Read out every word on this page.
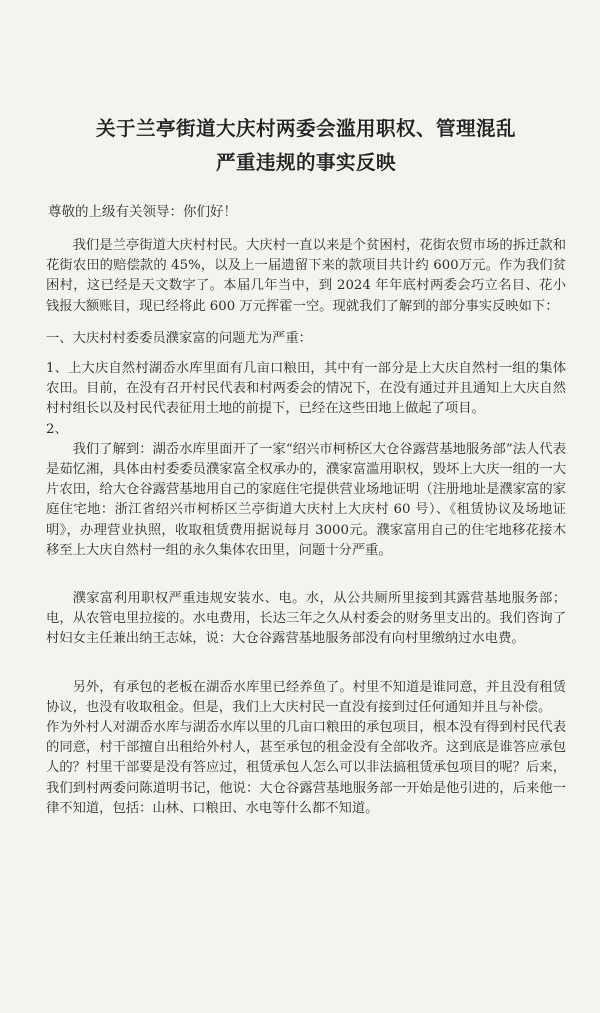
关于兰亭街道大庆村两委会滥用职权、管理混乱
严重违规的事实反映
尊敬的上级有关领导：你们好！

我们是兰亭街道大庆村村民。大庆村一直以来是个贫困村，花街农贸市场的拆迁款和花街农田的赔偿款的 45%，以及上一届遗留下来的款项目共计约 600万元。作为我们贫困村，这已经是天文数字了。本届几年当中，到 2024 年年底村两委会巧立名目、花小钱报大额账目，现已经将此 600 万元挥霍一空。现就我们了解到的部分事实反映如下：

一、大庆村村委委员濮家富的问题尤为严重：

1、上大庆自然村湖岙水库里面有几亩口粮田，其中有一部分是上大庆自然村一组的集体农田。目前，在没有召开村民代表和村两委会的情况下，在没有通过并且通知上大庆自然村村组长以及村民代表征用土地的前提下，已经在这些田地上做起了项目。

2、

我们了解到：湖岙水库里面开了一家“绍兴市柯桥区大仓谷露营基地服务部”法人代表是茹忆湘，具体由村委委员濮家富全权承办的，濮家富滥用职权，毁坏上大庆一组的一大片农田，给大仓谷露营基地用自己的家庭住宅提供营业场地证明（注册地址是濮家富的家庭住宅地：浙江省绍兴市柯桥区兰亭街道大庆村上大庆村 60 号）、《租赁协议及场地证明》，办理营业执照，收取租赁费用据说每月 3000元。濮家富用自己的住宅地移花接木移至上大庆自然村一组的永久集体农田里，问题十分严重。

濮家富利用职权严重违规安装水、电。水，从公共厕所里接到其露营基地服务部；电，从农管电里拉接的。水电费用，长达三年之久从村委会的财务里支出的。我们咨询了村妇女主任兼出纳王志妹，说：大仓谷露营基地服务部没有向村里缴纳过水电费。

另外，有承包的老板在湖岙水库里已经养鱼了。村里不知道是谁同意，并且没有租赁协议，也没有收取租金。但是，我们上大庆村民一直没有接到过任何通知并且与补偿。

作为外村人对湖岙水库与湖岙水库以里的几亩口粮田的承包项目，根本没有得到村民代表的同意，村干部擅自出租给外村人，甚至承包的租金没有全部收齐。这到底是谁答应承包人的？村里干部要是没有答应过，租赁承包人怎么可以非法搞租赁承包项目的呢？后来，我们到村两委问陈道明书记，他说：大仓谷露营基地服务部一开始是他引进的，后来他一律不知道，包括：山林、口粮田、水电等什么都不知道。
